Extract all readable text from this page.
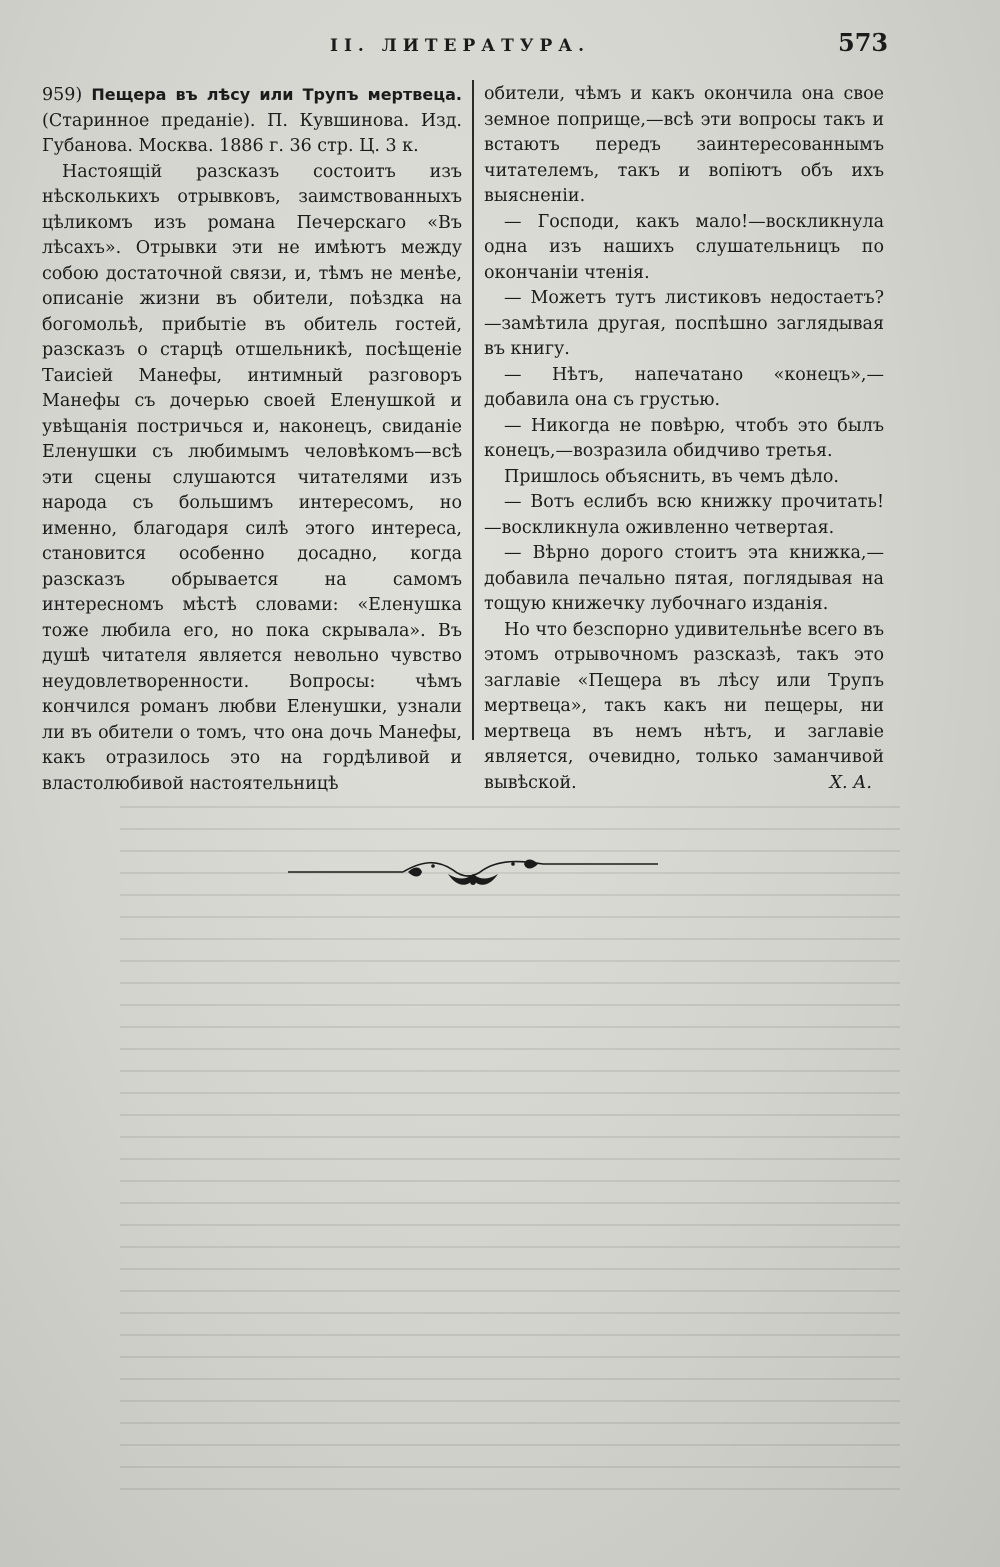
II. ЛИТЕРАТУРА.	573

959) Пещера въ лѣсу или Трупъ мертвеца. (Старинное преданіе). П. Кувшинова. Изд. Губанова. Москва. 1886 г. 36 стр. Ц. 3 к.

Настоящій разсказъ состоитъ изъ нѣсколькихъ отрывковъ, заимствованныхъ цѣликомъ изъ романа Печерскаго «Въ лѣсахъ». Отрывки эти не имѣютъ между собою достаточной связи, и, тѣмъ не менѣе, описаніе жизни въ обители, поѣздка на богомольѣ, прибытіе въ обитель гостей, разсказъ о старцѣ отшельникѣ, посѣщеніе Таисіей Манефы, интимный разговоръ Манефы съ дочерью своей Еленушкой и увѣщанія постричься и, наконецъ, свиданіе Еленушки съ любимымъ человѣкомъ—всѣ эти сцены слушаются читателями изъ народа съ большимъ интересомъ, но именно, благодаря силѣ этого интереса, становится особенно досадно, когда разсказъ обрывается на самомъ интересномъ мѣстѣ словами: «Еленушка тоже любила его, но пока скрывала». Въ душѣ читателя является невольно чувство неудовлетворенности. Вопросы: чѣмъ кончился романъ любви Еленушки, узнали ли въ обители о томъ, что она дочь Манефы, какъ отразилось это на гордѣливой и властолюбивой настоятельницѣ

обители, чѣмъ и какъ окончила она свое земное поприще,—всѣ эти вопросы такъ и встаютъ передъ заинтересованнымъ читателемъ, такъ и вопіютъ объ ихъ выясненіи.

— Господи, какъ мало!—воскликнула одна изъ нашихъ слушательницъ по окончаніи чтенія.

— Можетъ тутъ листиковъ недостаетъ?—замѣтила другая, поспѣшно заглядывая въ книгу.

— Нѣтъ, напечатано «конецъ»,—добавила она съ грустью.

— Никогда не повѣрю, чтобъ это былъ конецъ,—возразила обидчиво третья.

Пришлось объяснить, въ чемъ дѣло.

— Вотъ еслибъ всю книжку прочитать!—воскликнула оживленно четвертая.

— Вѣрно дорого стоитъ эта книжка,—добавила печально пятая, поглядывая на тощую книжечку лубочнаго изданія.

Но что безспорно удивительнѣе всего въ этомъ отрывочномъ разсказѣ, такъ это заглавіе «Пещера въ лѣсу или Трупъ мертвеца», такъ какъ ни пещеры, ни мертвеца въ немъ нѣтъ, и заглавіе является, очевидно, только заманчивой вывѣской.	Х. А.
